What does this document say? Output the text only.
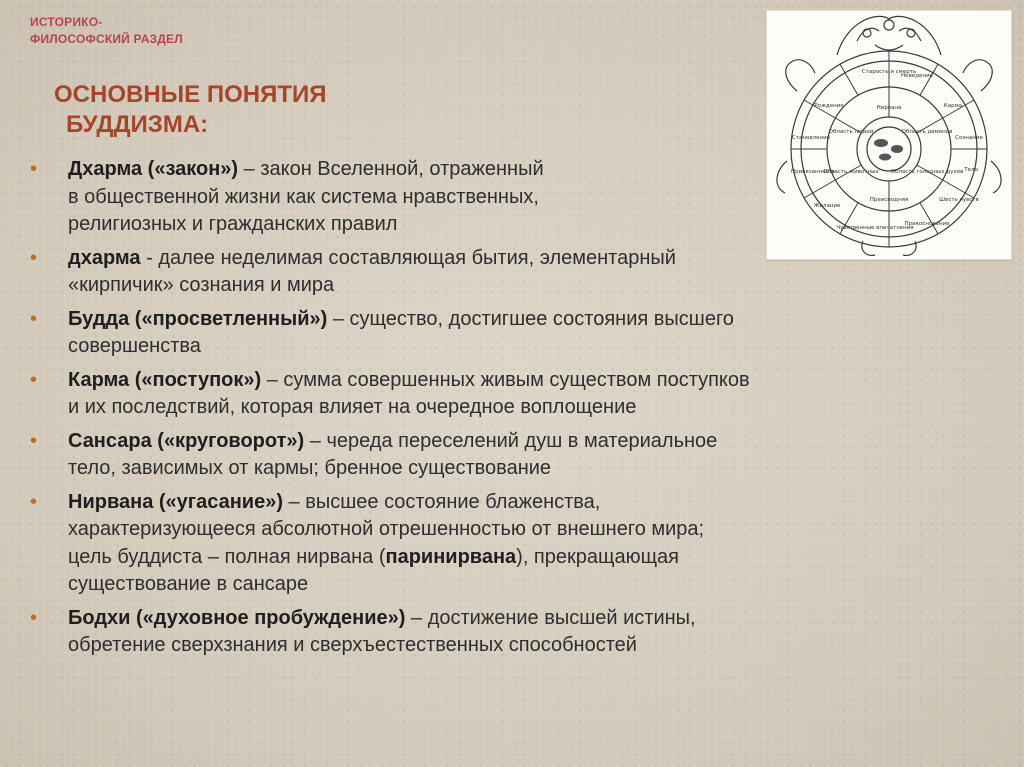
ИСТОРИКО-
ФИЛОСОФСКИЙ РАЗДЕЛ
ОСНОВНЫЕ ПОНЯТИЯ
БУДДИЗМА:
Старость и смерть
Неведение
Карма
Сознание
Тело
Шесть чувств
Прикосновение
Чувственные впечатления
Желание
Привязанность
Становление
Рождение	Нирвана
Преисподняя
Область людей	Область демонов
Область животных Область голодных духов
• Дхарма («закон») – закон Вселенной, отраженный
в общественной жизни как система нравственных,
религиозных и гражданских правил
• дхарма - далее неделимая составляющая бытия, элементарный
«кирпичик» сознания и мира
• Будда («просветленный») – существо, достигшее состояния высшего
совершенства
• Карма («поступок») – сумма совершенных живым существом поступков
и их последствий, которая влияет на очередное воплощение
• Сансара («круговорот») – череда переселений душ в материальное
тело, зависимых от кармы; бренное существование
• Нирвана («угасание») – высшее состояние блаженства,
характеризующееся абсолютной отрешенностью от внешнего мира;
цель буддиста – полная нирвана (паринирвана), прекращающая
существование в сансаре
• Бодхи («духовное пробуждение») – достижение высшей истины,
обретение сверхзнания и сверхъестественных способностей
